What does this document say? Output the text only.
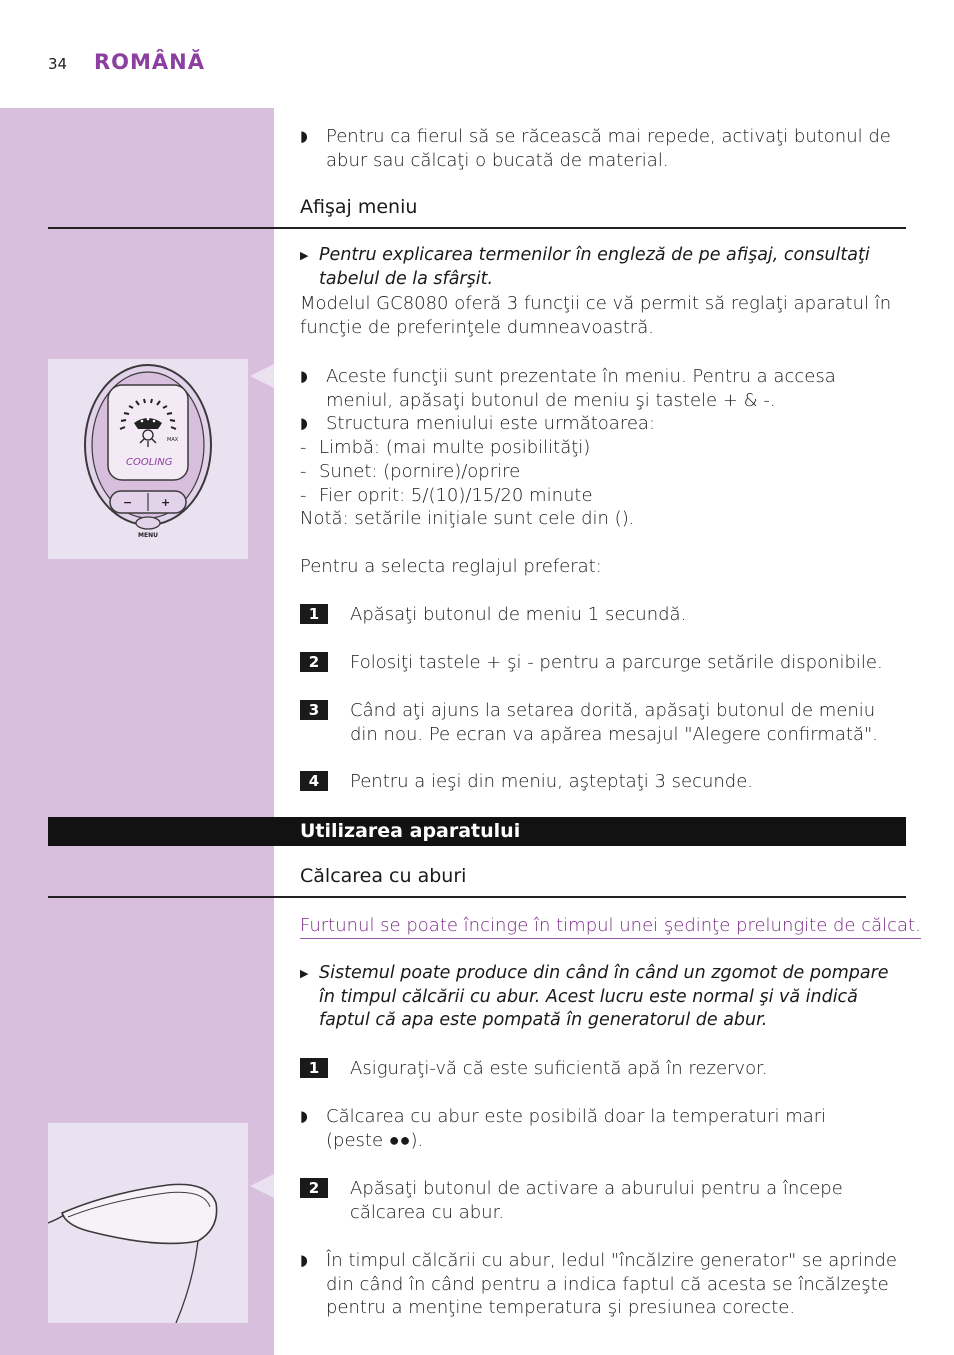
34 ROMÂNĂ
◗	Pentru ca fierul să se răcească mai repede, activaţi butonul de abur sau călcaţi o bucată de material.
Afişaj meniu
▶ Pentru explicarea termenilor în engleză de pe afişaj, consultaţi tabelul de la sfârşit.
Modelul GC8080 oferă 3 funcţii ce vă permit să reglaţi aparatul în funcţie de preferinţele dumneavoastră.
MAX
COOLING
−	+
MENU
◗	Aceste funcţii sunt prezentate în meniu. Pentru a accesa meniul, apăsaţi butonul de meniu şi tastele + & -.
◗	Structura meniului este următoarea:
- Limbă: (mai multe posibilităţi)
- Sunet: (pornire)/oprire
- Fier oprit: 5/(10)/15/20 minute
Notă: setările iniţiale sunt cele din ().
Pentru a selecta reglajul preferat:
1	Apăsaţi butonul de meniu 1 secundă.
2	Folosiţi tastele + şi - pentru a parcurge setările disponibile.
3	Când aţi ajuns la setarea dorită, apăsaţi butonul de meniu din nou. Pe ecran va apărea mesajul "Alegere confirmată".
4	Pentru a ieşi din meniu, aşteptaţi 3 secunde.
Utilizarea aparatului
Călcarea cu aburi
Furtunul se poate încinge în timpul unei şedinţe prelungite de călcat.
▶ Sistemul poate produce din când în când un zgomot de pompare în timpul călcării cu abur. Acest lucru este normal şi vă indică faptul că apa este pompată în generatorul de abur.
1	Asiguraţi-vă că este suficientă apă în rezervor.
◗	Călcarea cu abur este posibilă doar la temperaturi mari (peste ●●).
2	Apăsaţi butonul de activare a aburului pentru a începe călcarea cu abur.
◗	În timpul călcării cu abur, ledul "încălzire generator" se aprinde din când în când pentru a indica faptul că acesta se încălzeşte pentru a menţine temperatura şi presiunea corecte.
